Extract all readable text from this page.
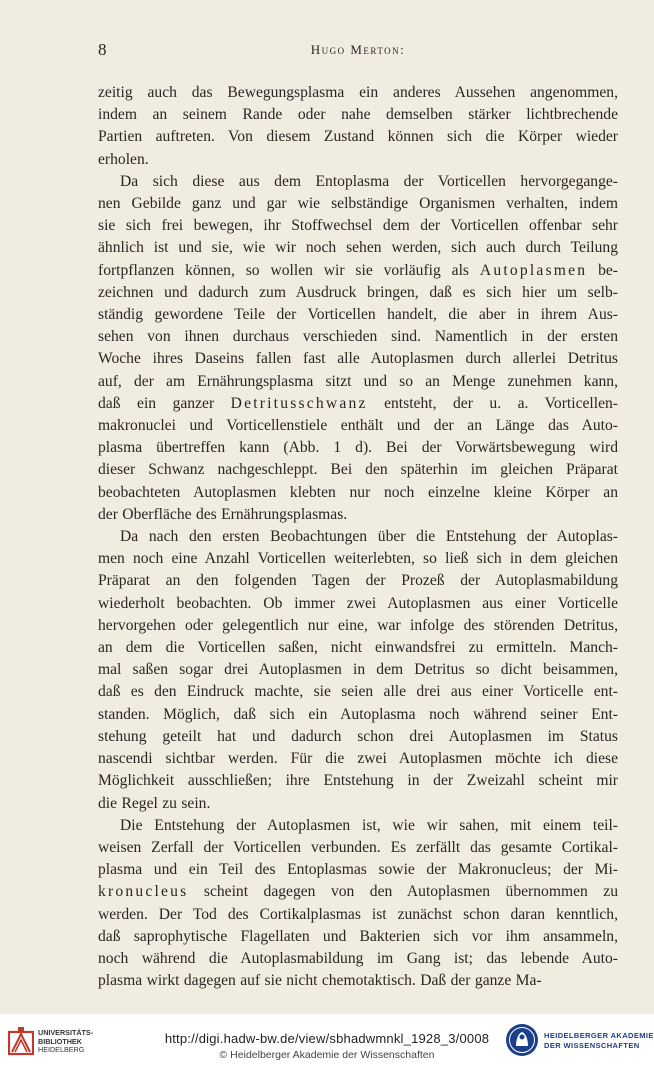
8	Hugo Merton:
zeitig auch das Bewegungsplasma ein anderes Aussehen angenommen,
indem an seinem Rande oder nahe demselben stärker lichtbrechende
Partien auftreten. Von diesem Zustand können sich die Körper wieder
erholen.
Da sich diese aus dem Entoplasma der Vorticellen hervorgegange-
nen Gebilde ganz und gar wie selbständige Organismen verhalten, indem
sie sich frei bewegen, ihr Stoffwechsel dem der Vorticellen offenbar sehr
ähnlich ist und sie, wie wir noch sehen werden, sich auch durch Teilung
fortpflanzen können, so wollen wir sie vorläufig als Autoplasmen be-
zeichnen und dadurch zum Ausdruck bringen, daß es sich hier um selb-
ständig gewordene Teile der Vorticellen handelt, die aber in ihrem Aus-
sehen von ihnen durchaus verschieden sind. Namentlich in der ersten
Woche ihres Daseins fallen fast alle Autoplasmen durch allerlei Detritus
auf, der am Ernährungsplasma sitzt und so an Menge zunehmen kann,
daß ein ganzer Detritusschwanz entsteht, der u. a. Vorticellen-
makronuclei und Vorticellenstiele enthält und der an Länge das Auto-
plasma übertreffen kann (Abb. 1 d). Bei der Vorwärtsbewegung wird
dieser Schwanz nachgeschleppt. Bei den späterhin im gleichen Präparat
beobachteten Autoplasmen klebten nur noch einzelne kleine Körper an
der Oberfläche des Ernährungsplasmas.
Da nach den ersten Beobachtungen über die Entstehung der Autoplas-
men noch eine Anzahl Vorticellen weiterlebten, so ließ sich in dem gleichen
Präparat an den folgenden Tagen der Prozeß der Autoplasmabildung
wiederholt beobachten. Ob immer zwei Autoplasmen aus einer Vorticelle
hervorgehen oder gelegentlich nur eine, war infolge des störenden Detritus,
an dem die Vorticellen saßen, nicht einwandsfrei zu ermitteln. Manch-
mal saßen sogar drei Autoplasmen in dem Detritus so dicht beisammen,
daß es den Eindruck machte, sie seien alle drei aus einer Vorticelle ent-
standen. Möglich, daß sich ein Autoplasma noch während seiner Ent-
stehung geteilt hat und dadurch schon drei Autoplasmen im Status
nascendi sichtbar werden. Für die zwei Autoplasmen möchte ich diese
Möglichkeit ausschließen; ihre Entstehung in der Zweizahl scheint mir
die Regel zu sein.
Die Entstehung der Autoplasmen ist, wie wir sahen, mit einem teil-
weisen Zerfall der Vorticellen verbunden. Es zerfällt das gesamte Cortikal-
plasma und ein Teil des Entoplasmas sowie der Makronucleus; der Mi-
kronucleus scheint dagegen von den Autoplasmen übernommen zu
werden. Der Tod des Cortikalplasmas ist zunächst schon daran kenntlich,
daß saprophytische Flagellaten und Bakterien sich vor ihm ansammeln,
noch während die Autoplasmabildung im Gang ist; das lebende Auto-
plasma wirkt dagegen auf sie nicht chemotaktisch. Daß der ganze Ma-
UNIVERSITÄTS-
BIBLIOTHEK
HEIDELBERG
http://digi.hadw-bw.de/view/sbhadwmnkl_1928_3/0008
© Heidelberger Akademie der Wissenschaften
HEIDELBERGER AKADEMIE
DER WISSENSCHAFTEN
